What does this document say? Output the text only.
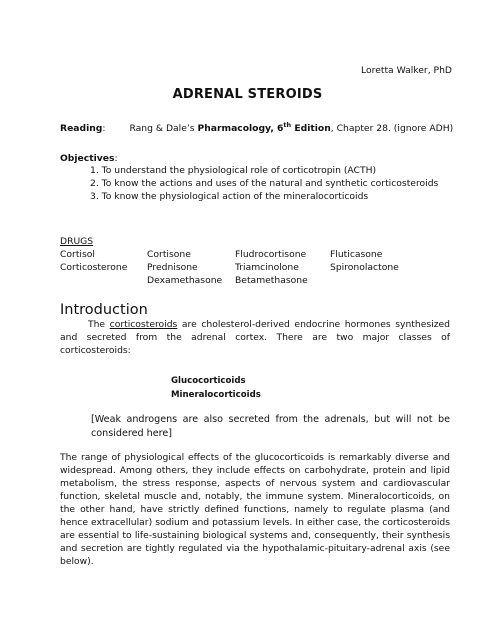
Loretta Walker, PhD
ADRENAL STEROIDS
Reading:	Rang & Dale’s Pharmacology, 6th Edition, Chapter 28. (ignore ADH)
Objectives:
1. To understand the physiological role of corticotropin (ACTH)
2. To know the actions and uses of the natural and synthetic corticosteroids
3. To know the physiological action of the mineralocorticoids
DRUGS
Cortisol	Cortisone	Fludrocortisone	Fluticasone
Corticosterone	Prednisone	Triamcinolone	Spironolactone
	Dexamethasone	Betamethasone	
Introduction
The corticosteroids are cholesterol-derived endocrine hormones synthesized and secreted from the adrenal cortex. There are two major classes of corticosteroids:
Glucocorticoids
Mineralocorticoids
[Weak androgens are also secreted from the adrenals, but will not be considered here]
The range of physiological effects of the glucocorticoids is remarkably diverse and widespread. Among others, they include effects on carbohydrate, protein and lipid metabolism, the stress response, aspects of nervous system and cardiovascular function, skeletal muscle and, notably, the immune system. Mineralocorticoids, on the other hand, have strictly defined functions, namely to regulate plasma (and hence extracellular) sodium and potassium levels. In either case, the corticosteroids are essential to life-sustaining biological systems and, consequently, their synthesis and secretion are tightly regulated via the hypothalamic-pituitary-adrenal axis (see below).
